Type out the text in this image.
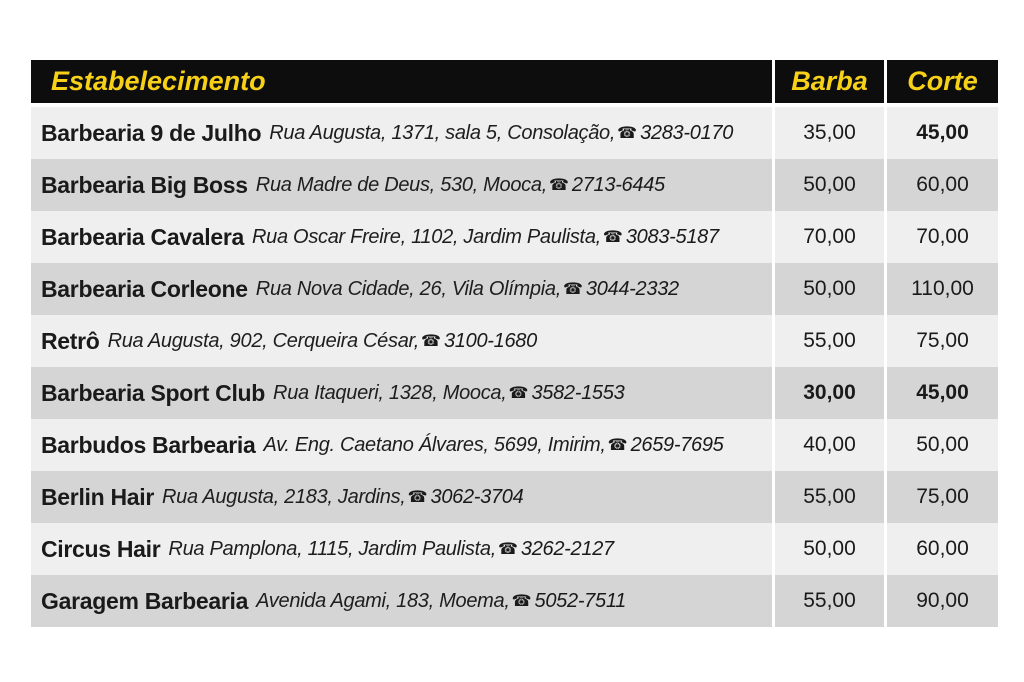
Estabelecimento	Barba	Corte
Barbearia 9 de Julho Rua Augusta, 1371, sala 5, Consolação, ☎ 3283-0170	35,00	45,00
Barbearia Big Boss Rua Madre de Deus, 530, Mooca, ☎ 2713-6445	50,00	60,00
Barbearia Cavalera Rua Oscar Freire, 1102, Jardim Paulista, ☎ 3083-5187	70,00	70,00
Barbearia Corleone Rua Nova Cidade, 26, Vila Olímpia, ☎ 3044-2332	50,00	110,00
Retrô Rua Augusta, 902, Cerqueira César, ☎ 3100-1680	55,00	75,00
Barbearia Sport Club Rua Itaqueri, 1328, Mooca, ☎ 3582-1553	30,00	45,00
Barbudos Barbearia Av. Eng. Caetano Álvares, 5699, Imirim, ☎ 2659-7695	40,00	50,00
Berlin Hair Rua Augusta, 2183, Jardins, ☎ 3062-3704	55,00	75,00
Circus Hair Rua Pamplona, 1115, Jardim Paulista, ☎ 3262-2127	50,00	60,00
Garagem Barbearia Avenida Agami, 183, Moema, ☎ 5052-7511	55,00	90,00
